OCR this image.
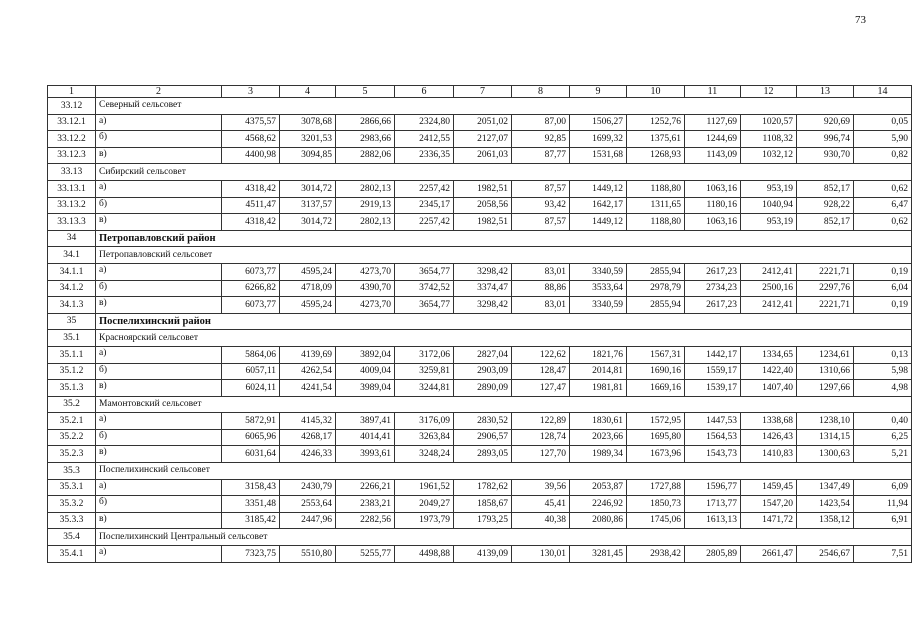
73
1	2	3	4	5	6	7	8	9	10	11	12	13	14
33.12	Северный сельсовет												
33.12.1	а)	4375,57	3078,68	2866,66	2324,80	2051,02	87,00	1506,27	1252,76	1127,69	1020,57	920,69	0,05
33.12.2	б)	4568,62	3201,53	2983,66	2412,55	2127,07	92,85	1699,32	1375,61	1244,69	1108,32	996,74	5,90
33.12.3	в)	4400,98	3094,85	2882,06	2336,35	2061,03	87,77	1531,68	1268,93	1143,09	1032,12	930,70	0,82
33.13	Сибирский сельсовет												
33.13.1	а)	4318,42	3014,72	2802,13	2257,42	1982,51	87,57	1449,12	1188,80	1063,16	953,19	852,17	0,62
33.13.2	б)	4511,47	3137,57	2919,13	2345,17	2058,56	93,42	1642,17	1311,65	1180,16	1040,94	928,22	6,47
33.13.3	в)	4318,42	3014,72	2802,13	2257,42	1982,51	87,57	1449,12	1188,80	1063,16	953,19	852,17	0,62
34	Петропавловский район												
34.1	Петропавловский сельсовет												
34.1.1	а)	6073,77	4595,24	4273,70	3654,77	3298,42	83,01	3340,59	2855,94	2617,23	2412,41	2221,71	0,19
34.1.2	б)	6266,82	4718,09	4390,70	3742,52	3374,47	88,86	3533,64	2978,79	2734,23	2500,16	2297,76	6,04
34.1.3	в)	6073,77	4595,24	4273,70	3654,77	3298,42	83,01	3340,59	2855,94	2617,23	2412,41	2221,71	0,19
35	Поспелихинский район												
35.1	Красноярский сельсовет												
35.1.1	а)	5864,06	4139,69	3892,04	3172,06	2827,04	122,62	1821,76	1567,31	1442,17	1334,65	1234,61	0,13
35.1.2	б)	6057,11	4262,54	4009,04	3259,81	2903,09	128,47	2014,81	1690,16	1559,17	1422,40	1310,66	5,98
35.1.3	в)	6024,11	4241,54	3989,04	3244,81	2890,09	127,47	1981,81	1669,16	1539,17	1407,40	1297,66	4,98
35.2	Мамонтовский сельсовет												
35.2.1	а)	5872,91	4145,32	3897,41	3176,09	2830,52	122,89	1830,61	1572,95	1447,53	1338,68	1238,10	0,40
35.2.2	б)	6065,96	4268,17	4014,41	3263,84	2906,57	128,74	2023,66	1695,80	1564,53	1426,43	1314,15	6,25
35.2.3	в)	6031,64	4246,33	3993,61	3248,24	2893,05	127,70	1989,34	1673,96	1543,73	1410,83	1300,63	5,21
35.3	Поспелихинский сельсовет												
35.3.1	а)	3158,43	2430,79	2266,21	1961,52	1782,62	39,56	2053,87	1727,88	1596,77	1459,45	1347,49	6,09
35.3.2	б)	3351,48	2553,64	2383,21	2049,27	1858,67	45,41	2246,92	1850,73	1713,77	1547,20	1423,54	11,94
35.3.3	в)	3185,42	2447,96	2282,56	1973,79	1793,25	40,38	2080,86	1745,06	1613,13	1471,72	1358,12	6,91
35.4	Поспелихинский Центральный сельсовет												
35.4.1	а)	7323,75	5510,80	5255,77	4498,88	4139,09	130,01	3281,45	2938,42	2805,89	2661,47	2546,67	7,51
